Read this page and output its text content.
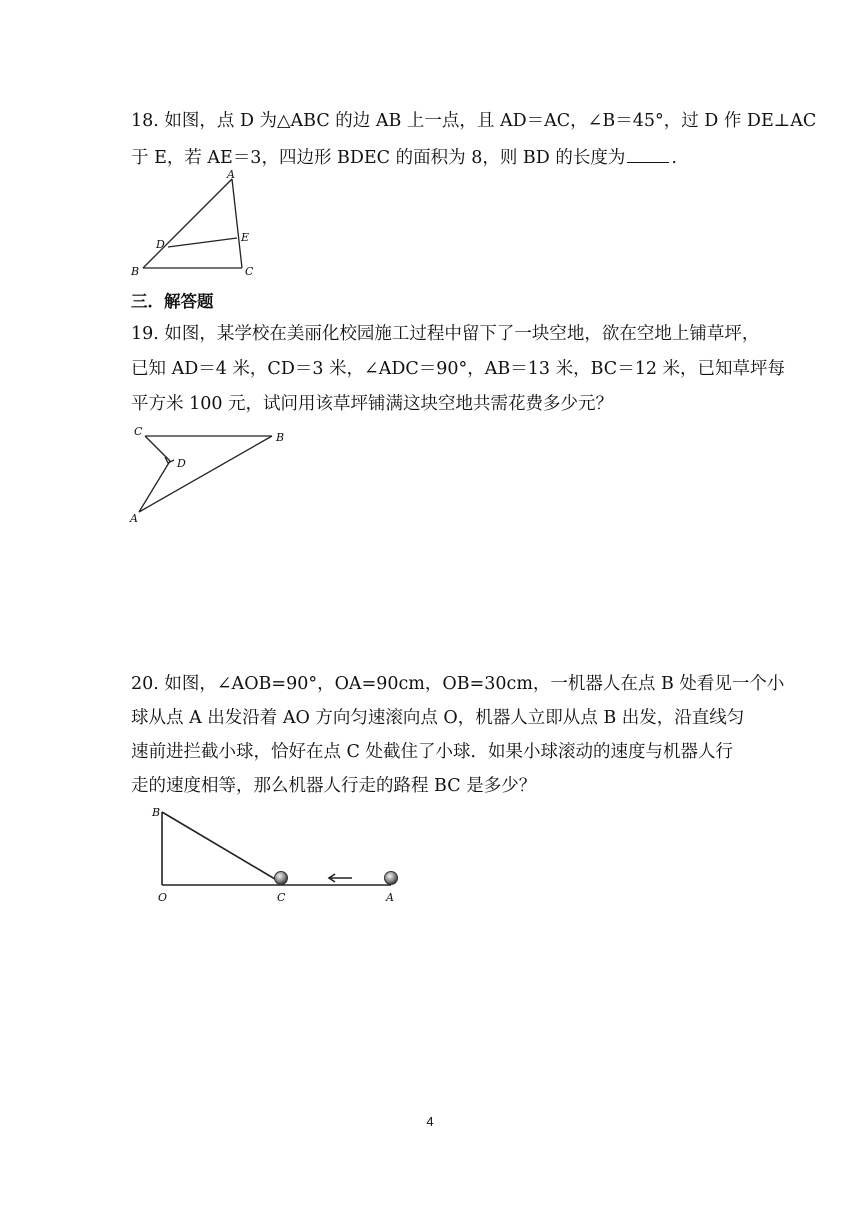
18. 如图，点 D 为△ABC 的边 AB 上一点，且 AD＝AC，∠B＝45°，过 D 作 DE⊥AC
于 E，若 AE＝3，四边形 BDEC 的面积为 8，则 BD 的长度为	.
A
B	C
D
E
三．解答题
19. 如图，某学校在美丽化校园施工过程中留下了一块空地，欲在空地上铺草坪，
已知 AD＝4 米，CD＝3 米，∠ADC＝90°，AB＝13 米，BC＝12 米，已知草坪每
平方米 100 元，试问用该草坪铺满这块空地共需花费多少元？
C	B
D
A
20. 如图，∠AOB=90°，OA=90cm，OB=30cm，一机器人在点 B 处看见一个小
球从点 A 出发沿着 AO 方向匀速滚向点 O，机器人立即从点 B 出发，沿直线匀
速前进拦截小球，恰好在点 C 处截住了小球．如果小球滚动的速度与机器人行
走的速度相等，那么机器人行走的路程 BC 是多少？
B
O	C	A
4
